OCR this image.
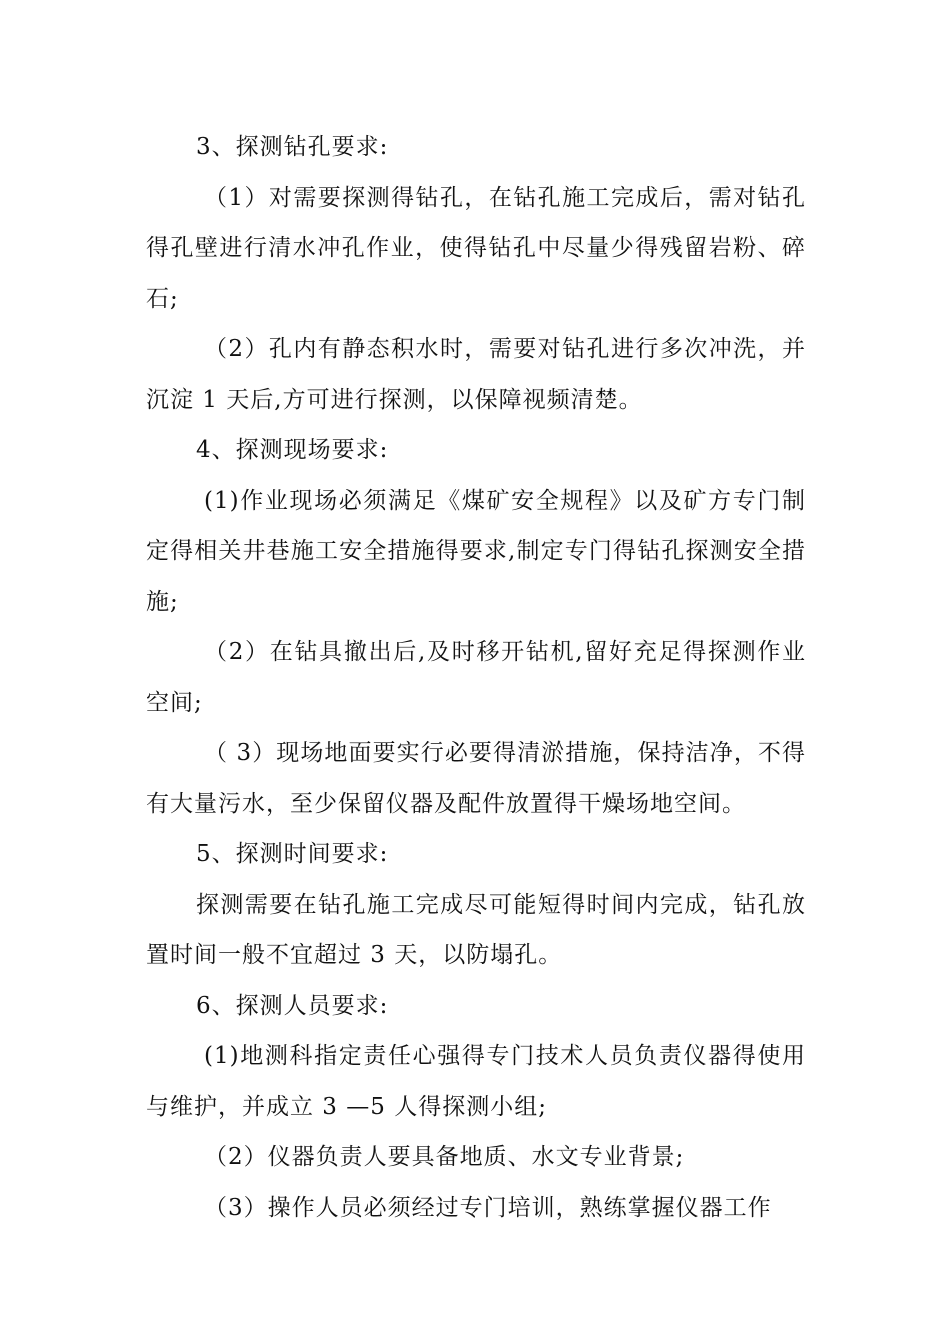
3、探测钻孔要求:

（1）对需要探测得钻孔，在钻孔施工完成后，需对钻孔得孔壁进行清水冲孔作业，使得钻孔中尽量少得残留岩粉、碎石;

（2）孔内有静态积水时，需要对钻孔进行多次冲洗，并沉淀 1 天后,方可进行探测，以保障视频清楚。

4、探测现场要求:

(1)作业现场必须满足《煤矿安全规程》以及矿方专门制定得相关井巷施工安全措施得要求,制定专门得钻孔探测安全措施;

（2）在钻具撤出后,及时移开钻机,留好充足得探测作业空间;

（ 3）现场地面要实行必要得清淤措施，保持洁净，不得有大量污水，至少保留仪器及配件放置得干燥场地空间。

5、探测时间要求:

探测需要在钻孔施工完成尽可能短得时间内完成，钻孔放置时间一般不宜超过 3 天，以防塌孔。

6、探测人员要求:

(1)地测科指定责任心强得专门技术人员负责仪器得使用与维护，并成立 3 —5 人得探测小组;

（2）仪器负责人要具备地质、水文专业背景;

（3）操作人员必须经过专门培训，熟练掌握仪器工作
